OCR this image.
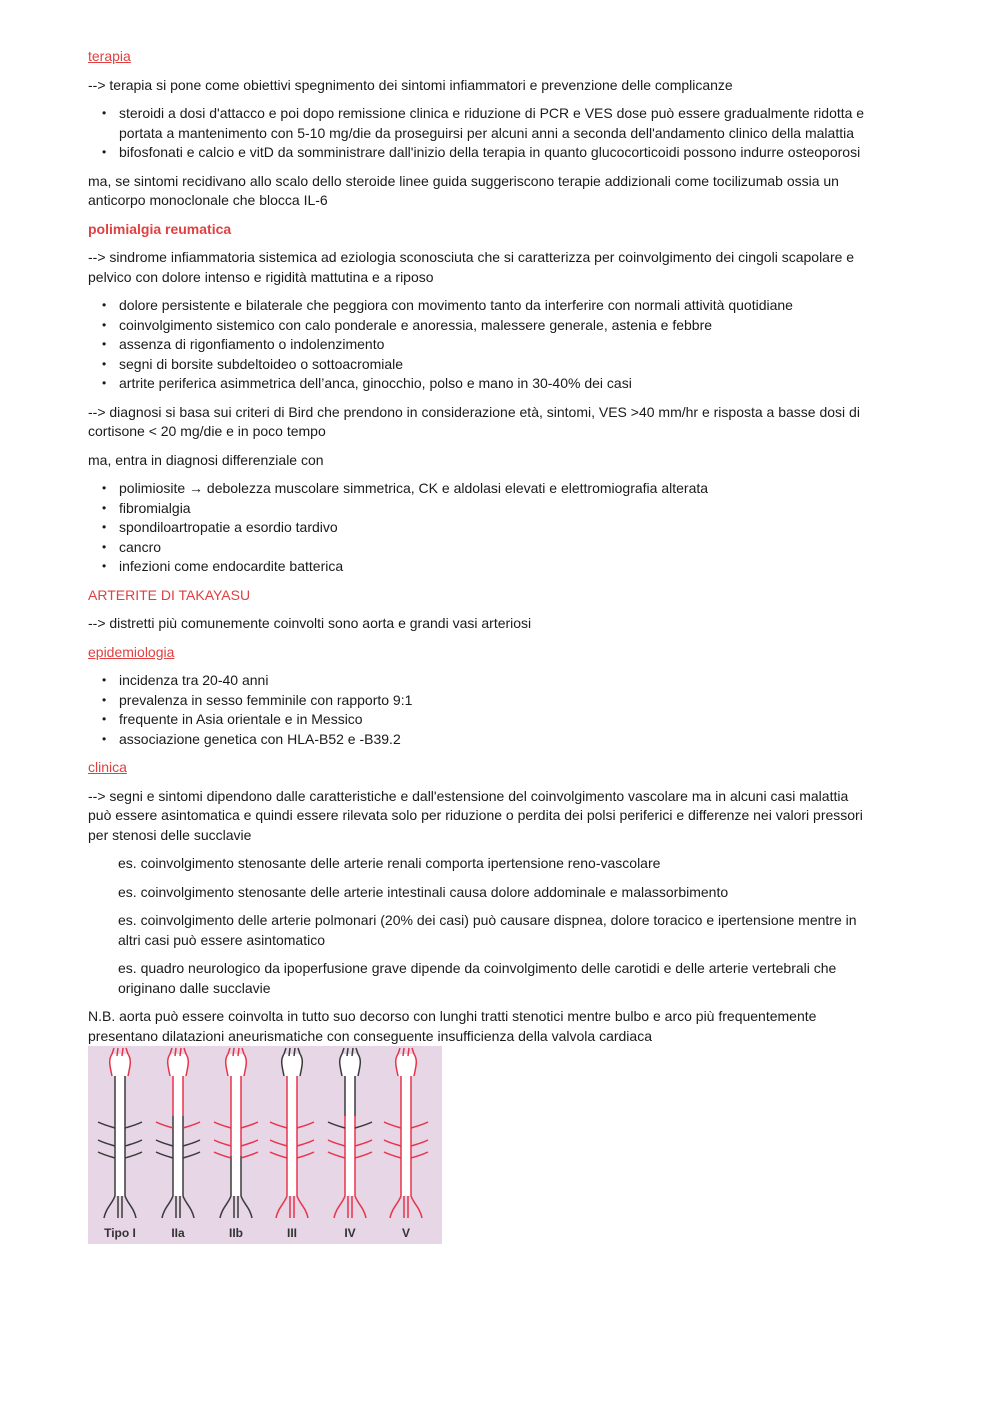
terapia

--> terapia si pone come obiettivi spegnimento dei sintomi infiammatori e prevenzione delle complicanze

• steroidi a dosi d'attacco e poi dopo remissione clinica e riduzione di PCR e VES dose può essere gradualmente ridotta e portata a mantenimento con 5-10 mg/die da proseguirsi per alcuni anni a seconda dell'andamento clinico della malattia
• bifosfonati e calcio e vitD da somministrare dall'inizio della terapia in quanto glucocorticoidi possono indurre osteoporosi

ma, se sintomi recidivano allo scalo dello steroide linee guida suggeriscono terapie addizionali come tocilizumab ossia un anticorpo monoclonale che blocca IL-6

polimialgia reumatica

--> sindrome infiammatoria sistemica ad eziologia sconosciuta che si caratterizza per coinvolgimento dei cingoli scapolare e pelvico con dolore intenso e rigidità mattutina e a riposo

• dolore persistente e bilaterale che peggiora con movimento tanto da interferire con normali attività quotidiane
• coinvolgimento sistemico con calo ponderale e anoressia, malessere generale, astenia e febbre
• assenza di rigonfiamento o indolenzimento
• segni di borsite subdeltoideo o sottoacromiale
• artrite periferica asimmetrica dell’anca, ginocchio, polso e mano in 30-40% dei casi

--> diagnosi si basa sui criteri di Bird che prendono in considerazione età, sintomi, VES >40 mm/hr e risposta a basse dosi di cortisone < 20 mg/die e in poco tempo

ma, entra in diagnosi differenziale con

• polimiosite → debolezza muscolare simmetrica, CK e aldolasi elevati e elettromiografia alterata
• fibromialgia
• spondiloartropatie a esordio tardivo
• cancro
• infezioni come endocardite batterica

ARTERITE DI TAKAYASU

--> distretti più comunemente coinvolti sono aorta e grandi vasi arteriosi

epidemiologia

• incidenza tra 20-40 anni
• prevalenza in sesso femminile con rapporto 9:1
• frequente in Asia orientale e in Messico
• associazione genetica con HLA-B52 e -B39.2

clinica

--> segni e sintomi dipendono dalle caratteristiche e dall'estensione del coinvolgimento vascolare ma in alcuni casi malattia può essere asintomatica e quindi essere rilevata solo per riduzione o perdita dei polsi periferici e differenze nei valori pressori per stenosi delle succlavie

es. coinvolgimento stenosante delle arterie renali comporta ipertensione reno-vascolare

es. coinvolgimento stenosante delle arterie intestinali causa dolore addominale e malassorbimento

es. coinvolgimento delle arterie polmonari (20% dei casi) può causare dispnea, dolore toracico e ipertensione mentre in altri casi può essere asintomatico

es. quadro neurologico da ipoperfusione grave dipende da coinvolgimento delle carotidi e delle arterie vertebrali che originano dalle succlavie

N.B. aorta può essere coinvolta in tutto suo decorso con lunghi tratti stenotici mentre bulbo e arco più frequentemente presentano dilatazioni aneurismatiche con conseguente insufficienza della valvola cardiaca

Tipo I	IIa	IIb	III	IV	V
